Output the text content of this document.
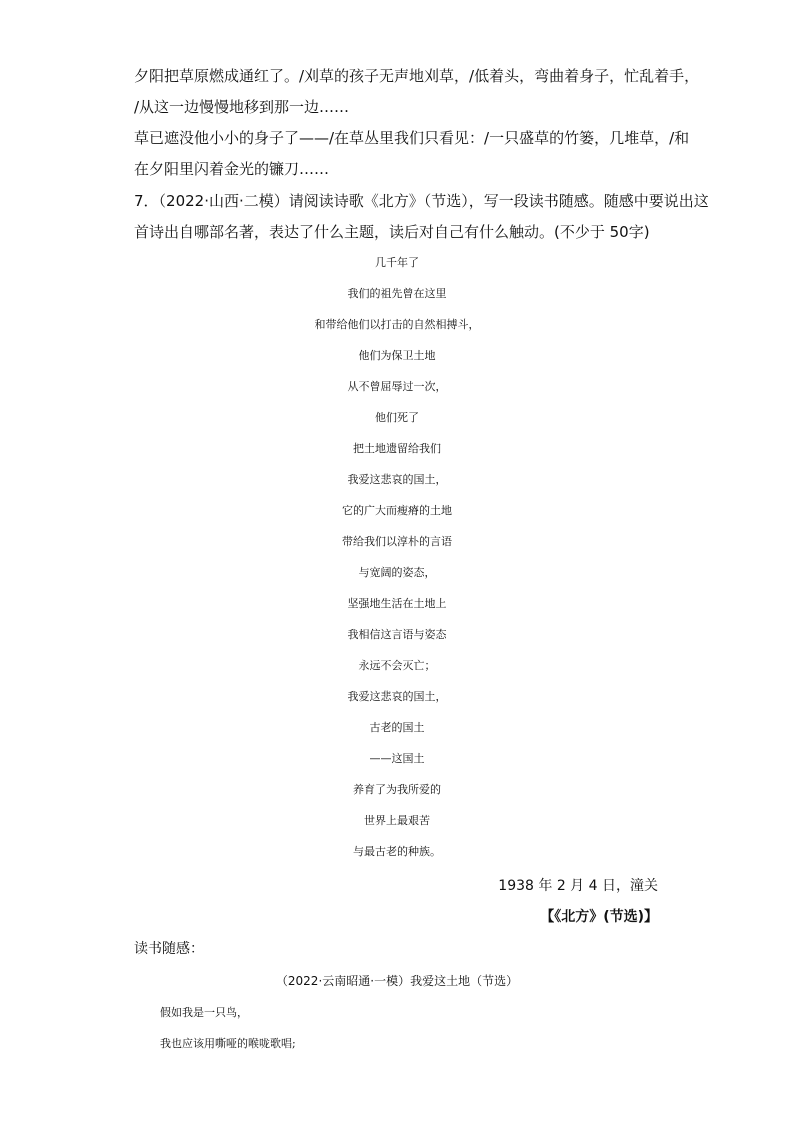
夕阳把草原燃成通红了。/刈草的孩子无声地刈草，/低着头，弯曲着身子，忙乱着手，
/从这一边慢慢地移到那一边……
草已遮没他小小的身子了——/在草丛里我们只看见：/一只盛草的竹篓，几堆草，/和
在夕阳里闪着金光的镰刀……
7．（2022·山西·二模）请阅读诗歌《北方》（节选），写一段读书随感。随感中要说出这
首诗出自哪部名著，表达了什么主题，读后对自己有什么触动。(不少于 50字)
几千年了
我们的祖先曾在这里
和带给他们以打击的自然相搏斗，
他们为保卫土地
从不曾屈辱过一次，
他们死了
把土地遗留给我们
我爱这悲哀的国土，
它的广大而瘦瘠的土地
带给我们以淳朴的言语
与宽阔的姿态，
坚强地生活在土地上
我相信这言语与姿态
永远不会灭亡；
我爱这悲哀的国土，
古老的国土
——这国土
养育了为我所爱的
世界上最艰苦
与最古老的种族。
1938 年 2 月 4 日，潼关
【《北方》(节选)】
读书随感：
（2022·云南昭通·一模）我爱这土地（节选）
假如我是一只鸟，
我也应该用嘶哑的喉咙歌唱;
